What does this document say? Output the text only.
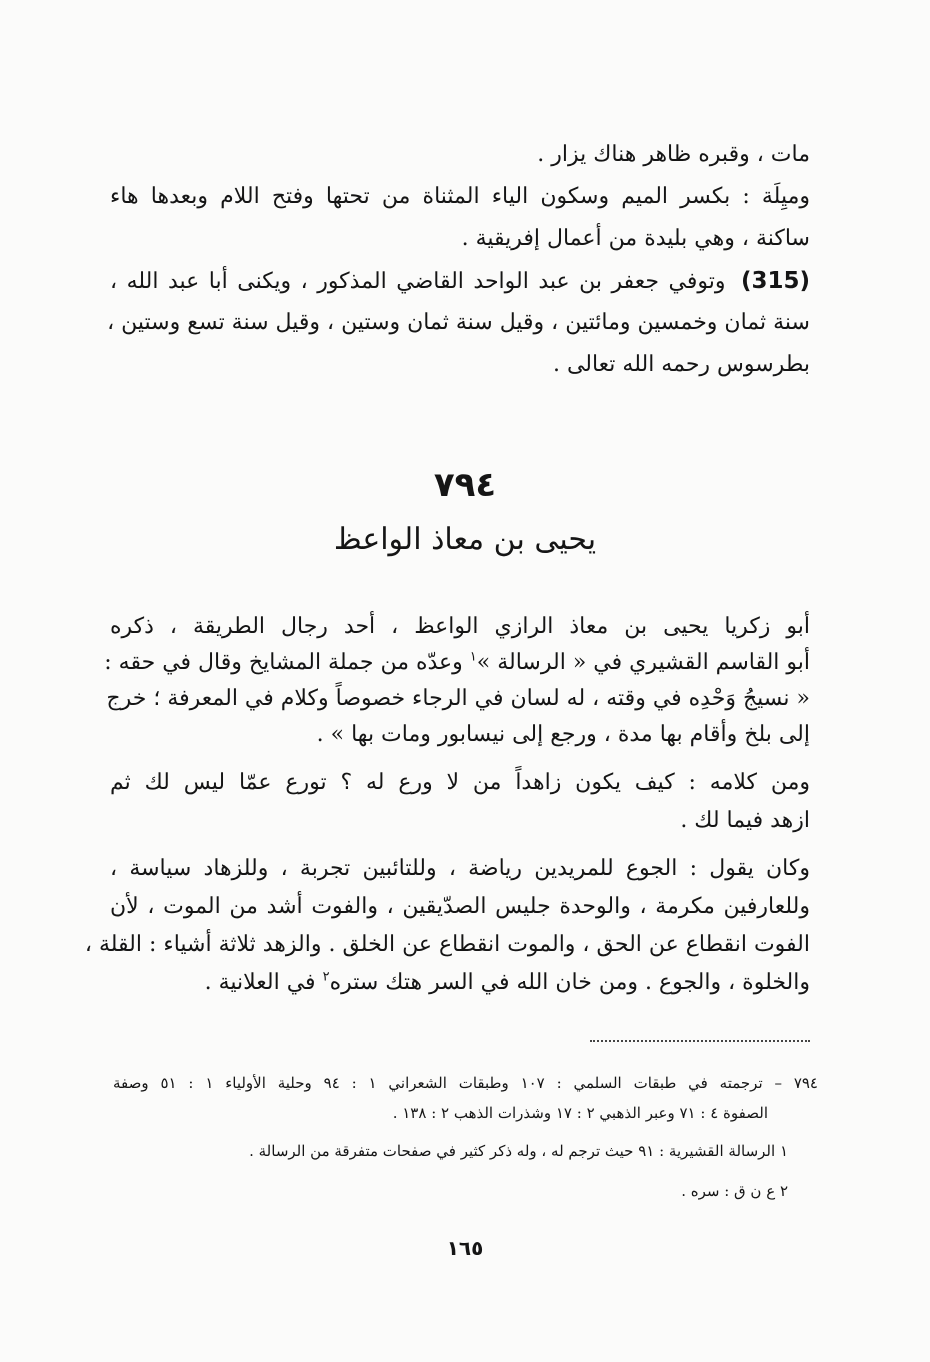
مات ، وقبره ظاهر هناك يزار .
وميِلَة : بكسر الميم وسكون الياء المثناة من تحتها وفتح اللام وبعدها هاء
ساكنة ، وهي بليدة من أعمال إفريقية .
(315) وتوفي جعفر بن عبد الواحد القاضي المذكور ، ويكنى أبا عبد الله ،
سنة ثمان وخمسين ومائتين ، وقيل سنة ثمان وستين ، وقيل سنة تسع وستين ،
بطرسوس رحمه الله تعالى .
٧٩٤
يحيى بن معاذ الواعظ
أبو زكريا يحيى بن معاذ الرازي الواعظ ، أحد رجال الطريقة ، ذكره
أبو القاسم القشيري في « الرسالة »$^١$ وعدّه من جملة المشايخ وقال في حقه :
« نسيجُ وَحْدِه في وقته ، له لسان في الرجاء خصوصاً وكلام في المعرفة ؛ خرج
إلى بلخ وأقام بها مدة ، ورجع إلى نيسابور ومات بها » .
ومن كلامه : كيف يكون زاهداً من لا ورع له ؟ تورع عمّا ليس لك ثم
ازهد فيما لك .
وكان يقول : الجوع للمريدين رياضة ، وللتائبين تجربة ، وللزهاد سياسة ،
وللعارفين مكرمة ، والوحدة جليس الصدّيقين ، والفوت أشد من الموت ، لأن
الفوت انقطاع عن الحق ، والموت انقطاع عن الخلق . والزهد ثلاثة أشياء : القلة ،
والخلوة ، والجوع . ومن خان الله في السر هتك ستره$^٢$ في العلانية .
٧٩٤ – ترجمته في طبقات السلمي : ١٠٧ وطبقات الشعراني ١ : ٩٤ وحلية الأولياء ١ : ٥١ وصفة
الصفوة ٤ : ٧١ وعبر الذهبي ٢ : ١٧ وشذرات الذهب ٢ : ١٣٨ .
١ الرسالة القشيرية : ٩١ حيث ترجم له ، وله ذكر كثير في صفحات متفرقة من الرسالة .
٢ ع ن ق : سره .
١٦٥
